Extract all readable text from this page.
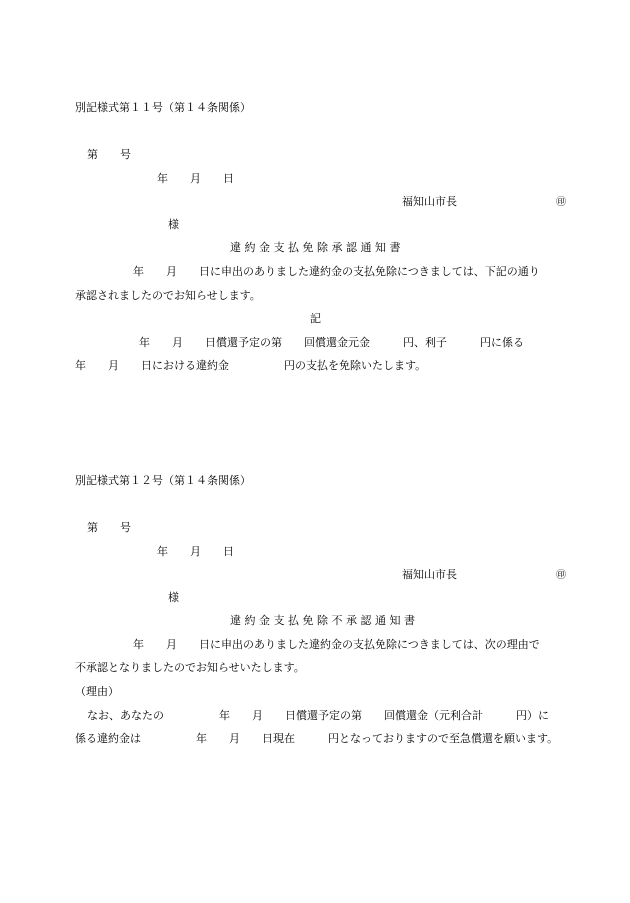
別記様式第１１号（第１４条関係）
第　　号
年　　月　　日
福知山市長	㊞
様
違 約 金 支 払 免 除 承 認 通 知 書
年　　月　　日に申出のありました違約金の支払免除につきましては、下記の通り
承認されましたのでお知らせします。
記
年　　月　　日償還予定の第　　回償還金元金　　　円、利子　　　円に係る
年　　月　　日における違約金　　　　　円の支払を免除いたします。
別記様式第１２号（第１４条関係）
第　　号
年　　月　　日
福知山市長	㊞
様
違 約 金 支 払 免 除 不 承 認 通 知 書
年　　月　　日に申出のありました違約金の支払免除につきましては、次の理由で
不承認となりましたのでお知らせいたします。
（理由）
なお、あなたの　　　　　年　　月　　日償還予定の第　　回償還金（元利合計　　　円）に
係る違約金は　　　　　年　　月　　日現在　　　円となっておりますので至急償還を願います。
